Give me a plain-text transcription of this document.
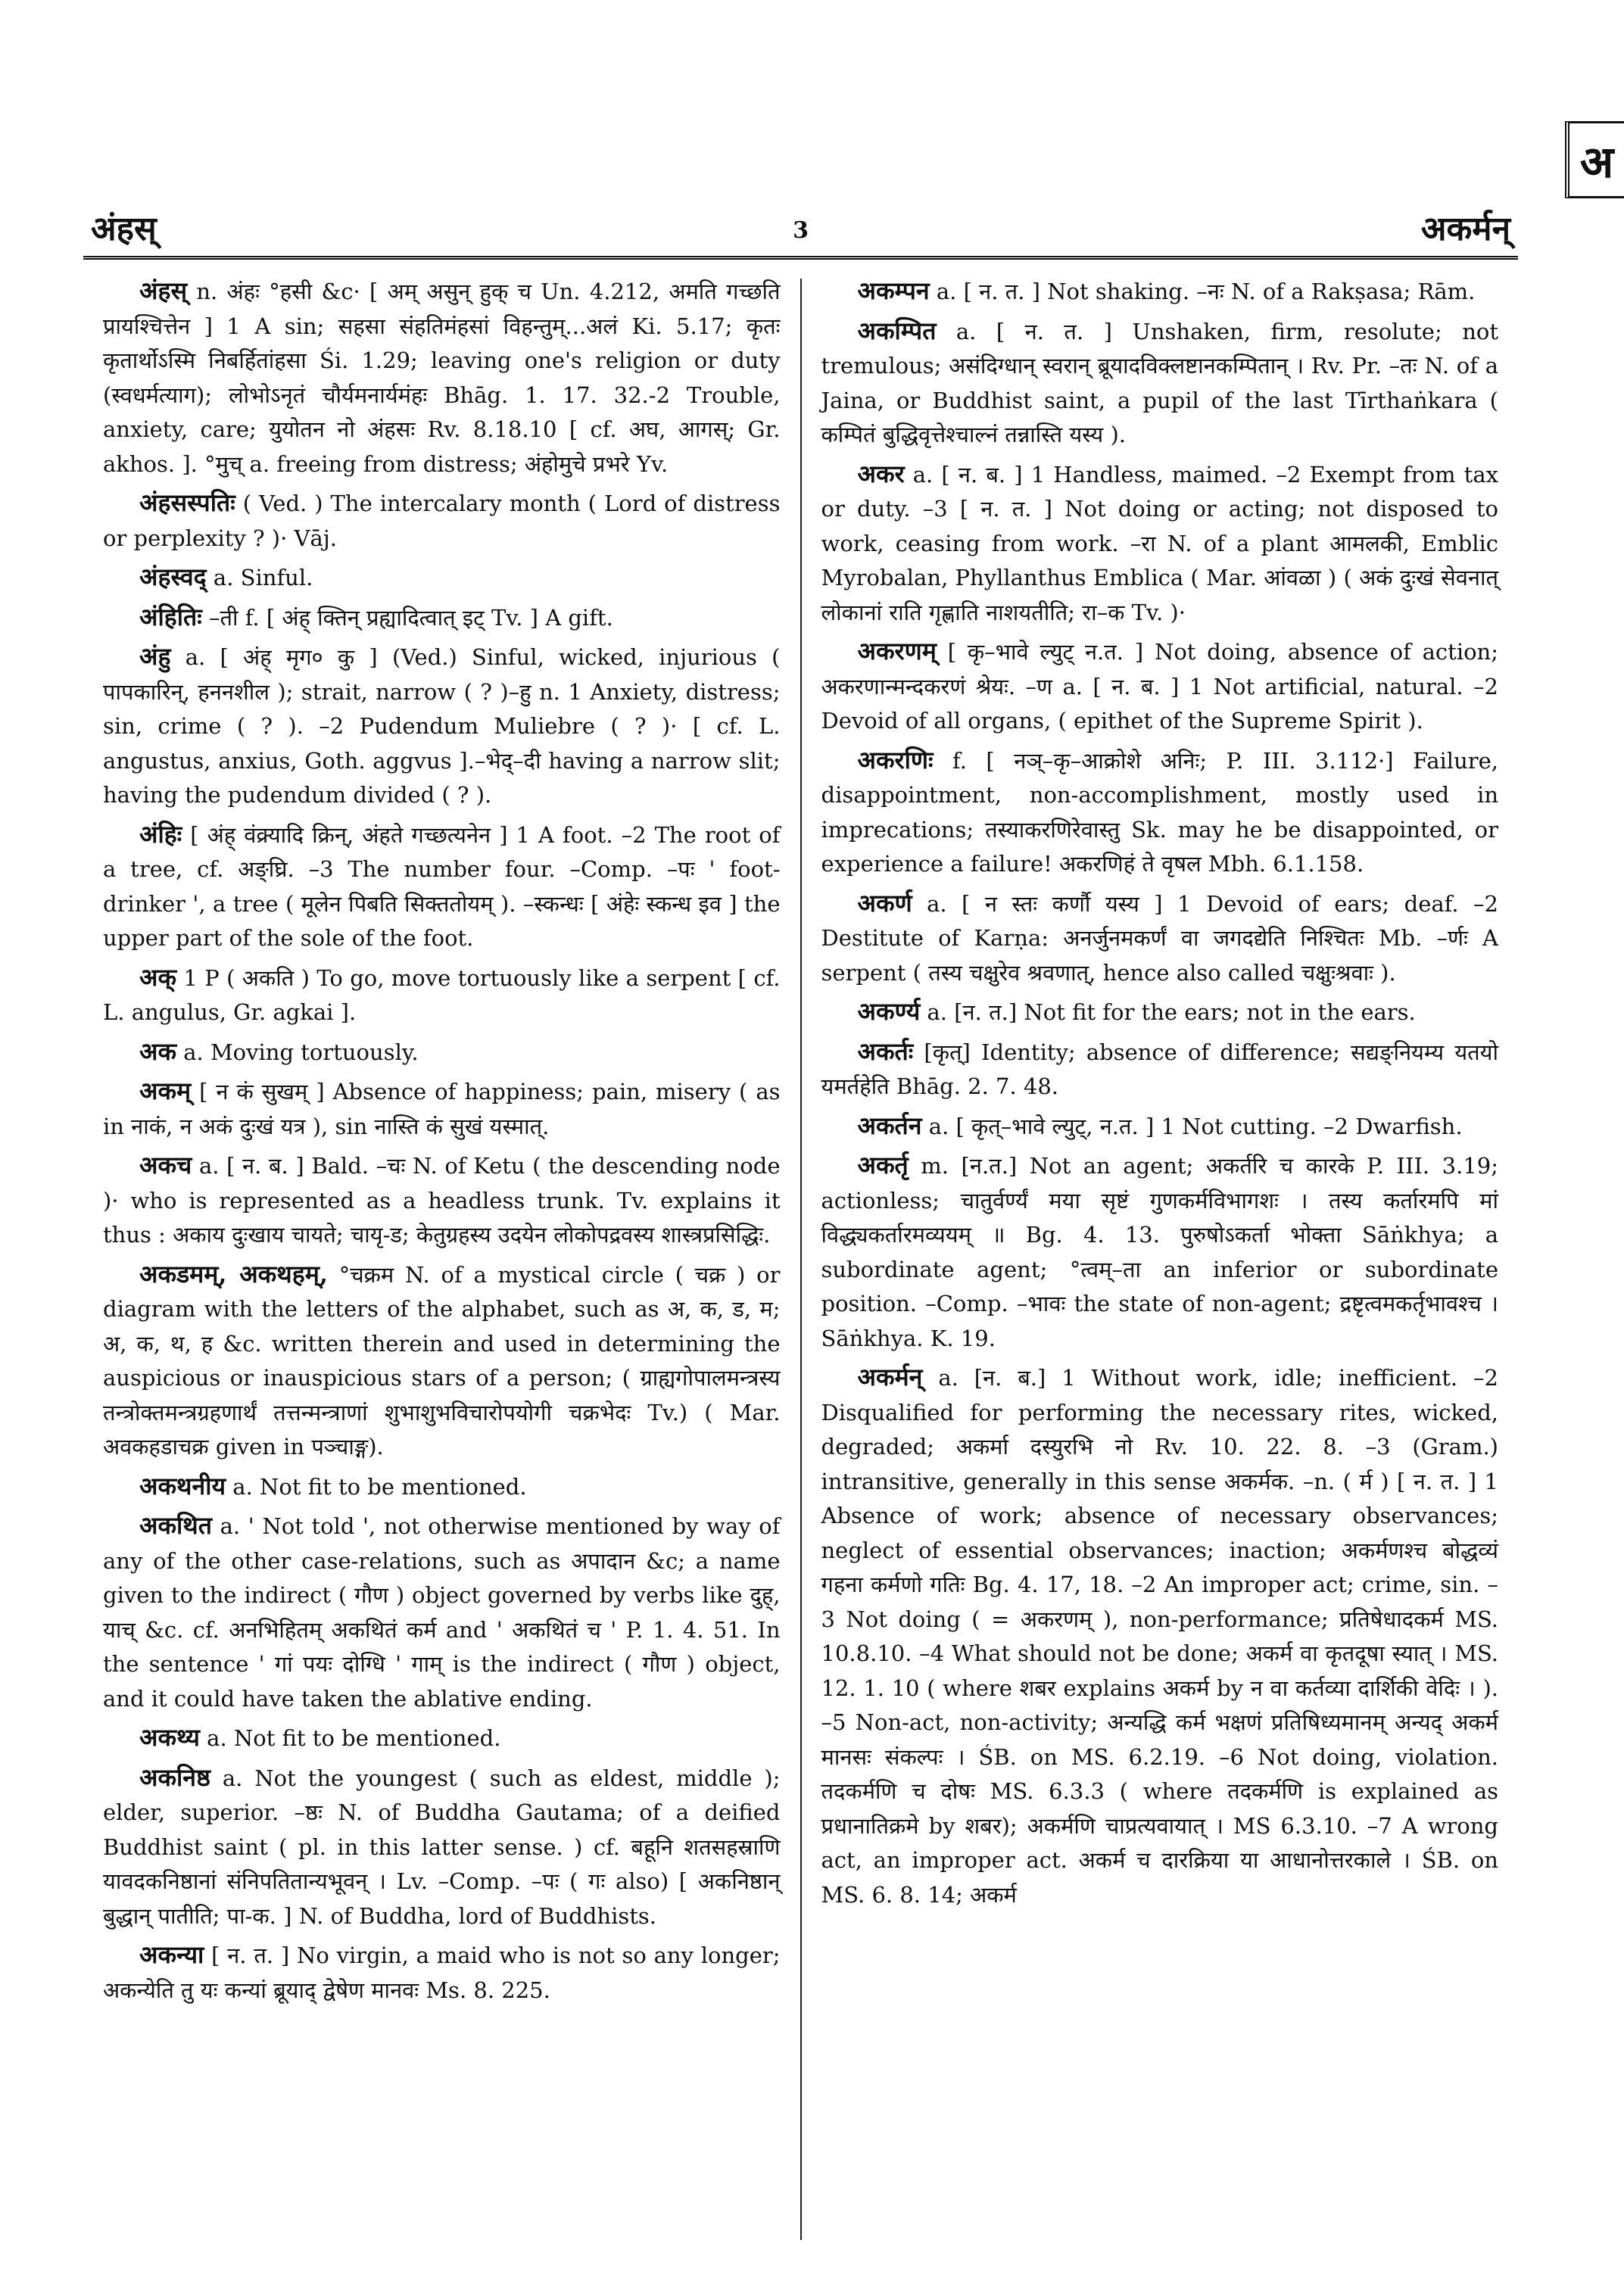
अ
अंहस्	3	अकर्मन्

अंहस् n. अंहः °हसी &c· [ अम् असुन् हुक् च Un. 4.212, अमति गच्छति प्रायश्चित्तेन ] 1 A sin; सहसा संहतिमंहसां विहन्तुम्...अलं Ki. 5.17; कृतः कृतार्थोऽस्मि निबर्हितांहसा Śi. 1.29; leaving one's religion or duty (स्वधर्मत्याग); लोभोऽनृतं चौर्यमनार्यमंहः Bhāg. 1. 17. 32.-2 Trouble, anxiety, care; युयोतन नो अंहसः Rv. 8.18.10 [ cf. अघ, आगस्; Gr. akhos. ]. °मुच् a. freeing from distress; अंहोमुचे प्रभरे Yv.

अंहसस्पतिः ( Ved. ) The intercalary month ( Lord of distress or perplexity ? )· Vāj.

अंहस्वद् a. Sinful.

अंहितिः –ती f. [ अंह् क्तिन् प्रह्यादित्वात् इट् Tv. ] A gift.

अंहु a. [ अंह् मृग० कु ] (Ved.) Sinful, wicked, injurious ( पापकारिन्, हननशील ); strait, narrow ( ? )–हु n. 1 Anxiety, distress; sin, crime ( ? ). –2 Pudendum Muliebre ( ? )· [ cf. L. angustus, anxius, Goth. aggvus ].–भेद्–दी having a narrow slit; having the pudendum divided ( ? ).

अंहिः [ अंह् वंक्र्यादि क्रिन्, अंहते गच्छत्यनेन ] 1 A foot. –2 The root of a tree, cf. अङ्घ्रि. –3 The number four. –Comp. –पः ' foot-drinker ', a tree ( मूलेन पिबति सिक्ततोयम् ). –स्कन्धः [ अंहेः स्कन्ध इव ] the upper part of the sole of the foot.

अक् 1 P ( अकति ) To go, move tortuously like a serpent [ cf. L. angulus, Gr. agkai ].

अक a. Moving tortuously.

अकम् [ न कं सुखम् ] Absence of happiness; pain, misery ( as in नाकं, न अकं दुःखं यत्र ), sin नास्ति कं सुखं यस्मात्.

अकच a. [ न. ब. ] Bald. –चः N. of Ketu ( the descending node )· who is represented as a headless trunk. Tv. explains it thus : अकाय दुःखाय चायते; चायृ-ड; केतुग्रहस्य उदयेन लोकोपद्रवस्य शास्त्रप्रसिद्धिः.

अकडमम्, अकथहम्, °चक्रम N. of a mystical circle ( चक्र ) or diagram with the letters of the alphabet, such as अ, क, ड, म; अ, क, थ, ह &c. written therein and used in determining the auspicious or inauspicious stars of a person; ( ग्राह्यगोपालमन्त्रस्य तन्त्रोक्तमन्त्रग्रहणार्थं तत्तन्मन्त्राणां शुभाशुभविचारोपयोगी चक्रभेदः Tv.) ( Mar. अवकहडाचक्र given in पञ्चाङ्ग).

अकथनीय a. Not fit to be mentioned.

अकथित a. ' Not told ', not otherwise mentioned by way of any of the other case-relations, such as अपादान &c; a name given to the indirect ( गौण ) object governed by verbs like दुह्, याच् &c. cf. अनभिहितम् अकथितं कर्म and ' अकथितं च ' P. 1. 4. 51. In the sentence ' गां पयः दोग्धि ' गाम् is the indirect ( गौण ) object, and it could have taken the ablative ending.

अकथ्य a. Not fit to be mentioned.

अकनिष्ठ a. Not the youngest ( such as eldest, middle ); elder, superior. –ष्ठः N. of Buddha Gautama; of a deified Buddhist saint ( pl. in this latter sense. ) cf. बहूनि शतसहस्राणि यावदकनिष्ठानां संनिपतितान्यभूवन् । Lv. –Comp. –पः ( गः also) [ अकनिष्ठान् बुद्धान् पातीति; पा-क. ] N. of Buddha, lord of Buddhists.

अकन्या [ न. त. ] No virgin, a maid who is not so any longer; अकन्येति तु यः कन्यां ब्रूयाद् द्वेषेण मानवः Ms. 8. 225.

अकम्पन a. [ न. त. ] Not shaking. –नः N. of a Rakṣasa; Rām.

अकम्पित a. [ न. त. ] Unshaken, firm, resolute; not tremulous; असंदिग्धान् स्वरान् ब्रूयादविक्लष्टानकम्पितान् । Rv. Pr. –तः N. of a Jaina, or Buddhist saint, a pupil of the last Tīrthaṅkara ( कम्पितं बुद्धिवृत्तेश्चाल्नं तन्नास्ति यस्य ).

अकर a. [ न. ब. ] 1 Handless, maimed. –2 Exempt from tax or duty. –3 [ न. त. ] Not doing or acting; not disposed to work, ceasing from work. –रा N. of a plant आमलकी, Emblic Myrobalan, Phyllanthus Emblica ( Mar. आंवळा ) ( अकं दुःखं सेवनात् लोकानां राति गृह्णाति नाशयतीति; रा–क Tv. )·

अकरणम् [ कृ–भावे ल्युट् न.त. ] Not doing, absence of action; अकरणान्मन्दकरणं श्रेयः. –ण a. [ न. ब. ] 1 Not artificial, natural. –2 Devoid of all organs, ( epithet of the Supreme Spirit ).

अकरणिः f. [ नञ्–कृ–आक्रोशे अनिः; P. III. 3.112·] Failure, disappointment, non-accomplishment, mostly used in imprecations; तस्याकरणिरेवास्तु Sk. may he be disappointed, or experience a failure! अकरणिहं ते वृषल Mbh. 6.1.158.

अकर्ण a. [ न स्तः कर्णौ यस्य ] 1 Devoid of ears; deaf. –2 Destitute of Karṇa: अनर्जुनमकर्णं वा जगदद्येति निश्चितः Mb. –र्णः A serpent ( तस्य चक्षुरेव श्रवणात्, hence also called चक्षुःश्रवाः ).

अकर्ण्य a. [न. त.] Not fit for the ears; not in the ears.

अकर्तः [कृत्] Identity; absence of difference; सद्यङ्नियम्य यतयो यमर्तहेति Bhāg. 2. 7. 48.

अकर्तन a. [ कृत्–भावे ल्युट्, न.त. ] 1 Not cutting. –2 Dwarfish.

अकर्तृ m. [न.त.] Not an agent; अकर्तरि च कारके P. III. 3.19; actionless; चातुर्वर्ण्यं मया सृष्टं गुणकर्मविभागशः । तस्य कर्तारमपि मां विद्ध्यकर्तारमव्ययम् ॥ Bg. 4. 13. पुरुषोऽकर्ता भोक्ता Sāṅkhya; a subordinate agent; °त्वम्–ता an inferior or subordinate position. –Comp. –भावः the state of non-agent; द्रष्टृत्वमकर्तृभावश्च । Sāṅkhya. K. 19.

अकर्मन् a. [न. ब.] 1 Without work, idle; inefficient. –2 Disqualified for performing the necessary rites, wicked, degraded; अकर्मा दस्युरभि नो Rv. 10. 22. 8. –3 (Gram.) intransitive, generally in this sense अकर्मक. –n. ( र्म ) [ न. त. ] 1 Absence of work; absence of necessary observances; neglect of essential observances; inaction; अकर्मणश्च बोद्धव्यं गहना कर्मणो गतिः Bg. 4. 17, 18. –2 An improper act; crime, sin. –3 Not doing ( = अकरणम् ), non-performance; प्रतिषेधादकर्म MS. 10.8.10. –4 What should not be done; अकर्म वा कृतदूषा स्यात् । MS. 12. 1. 10 ( where शबर explains अकर्म by न वा कर्तव्या दार्शिकी वेदिः । ). –5 Non-act, non-activity; अन्यद्धि कर्म भक्षणं प्रतिषिध्यमानम् अन्यद् अकर्म मानसः संकल्पः । ŚB. on MS. 6.2.19. –6 Not doing, violation. तदकर्मणि च दोषः MS. 6.3.3 ( where तदकर्मणि is explained as प्रधानातिक्रमे by शबर); अकर्मणि चाप्रत्यवायात् । MS 6.3.10. –7 A wrong act, an improper act. अकर्म च दारक्रिया या आधानोत्तरकाले । ŚB. on MS. 6. 8. 14; अकर्म
